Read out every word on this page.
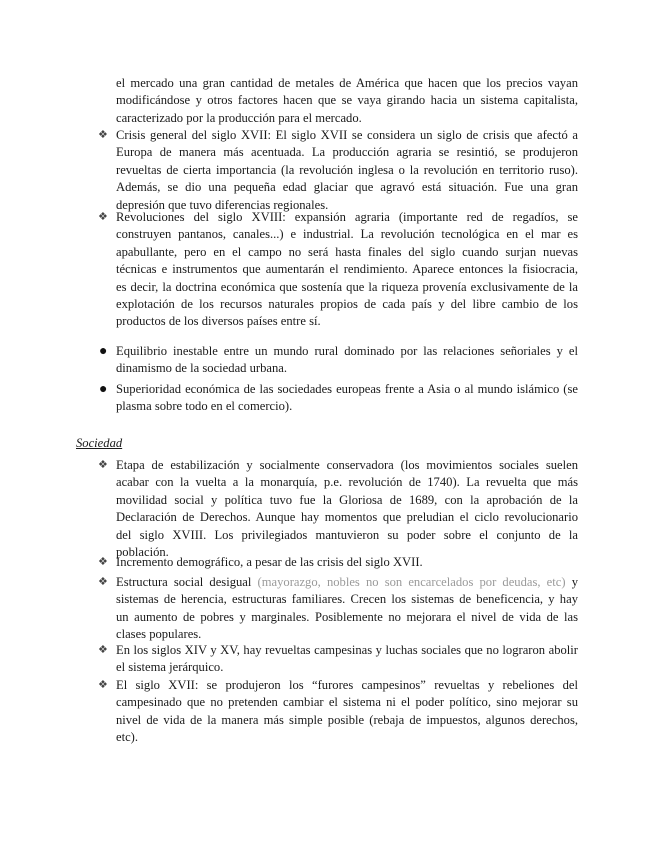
Sociedad
el mercado una gran cantidad de metales de América que hacen que los precios vayan
modificándose y otros factores hacen que se vaya girando hacia un sistema capitalista,
caracterizado por la producción para el mercado.
❖ Crisis general del siglo XVII: El siglo XVII se considera un siglo de crisis que afectó a
Europa de manera más acentuada. La producción agraria se resintió, se produjeron
revueltas de cierta importancia (la revolución inglesa o la revolución en territorio ruso).
Además, se dio una pequeña edad glaciar que agravó está situación. Fue una gran
depresión que tuvo diferencias regionales.
❖ Revoluciones del siglo XVIII: expansión agraria (importante red de regadíos, se
construyen pantanos, canales...) e industrial. La revolución tecnológica en el mar es
apabullante, pero en el campo no será hasta finales del siglo cuando surjan nuevas
técnicas e instrumentos que aumentarán el rendimiento. Aparece entonces la fisiocracia,
es decir, la doctrina económica que sostenía que la riqueza provenía exclusivamente de la
explotación de los recursos naturales propios de cada país y del libre cambio de los
productos de los diversos países entre sí.
● Equilibrio inestable entre un mundo rural dominado por las relaciones señoriales y el
dinamismo de la sociedad urbana.
● Superioridad económica de las sociedades europeas frente a Asia o al mundo islámico (se
plasma sobre todo en el comercio).
❖ Etapa de estabilización y socialmente conservadora (los movimientos sociales suelen
acabar con la vuelta a la monarquía, p.e. revolución de 1740). La revuelta que más
movilidad social y política tuvo fue la Gloriosa de 1689, con la aprobación de la
Declaración de Derechos. Aunque hay momentos que preludian el ciclo revolucionario
del siglo XVIII. Los privilegiados mantuvieron su poder sobre el conjunto de la
población.
❖ Incremento demográfico, a pesar de las crisis del siglo XVII.
❖ Estructura social desigual (mayorazgo, nobles no son encarcelados por deudas, etc) y
sistemas de herencia, estructuras familiares. Crecen los sistemas de beneficencia, y hay
un aumento de pobres y marginales. Posiblemente no mejorara el nivel de vida de las
clases populares.
❖ En los siglos XIV y XV, hay revueltas campesinas y luchas sociales que no lograron abolir
el sistema jerárquico.
❖ El siglo XVII: se produjeron los “furores campesinos” revueltas y rebeliones del
campesinado que no pretenden cambiar el sistema ni el poder político, sino mejorar su
nivel de vida de la manera más simple posible (rebaja de impuestos, algunos derechos,
etc).
